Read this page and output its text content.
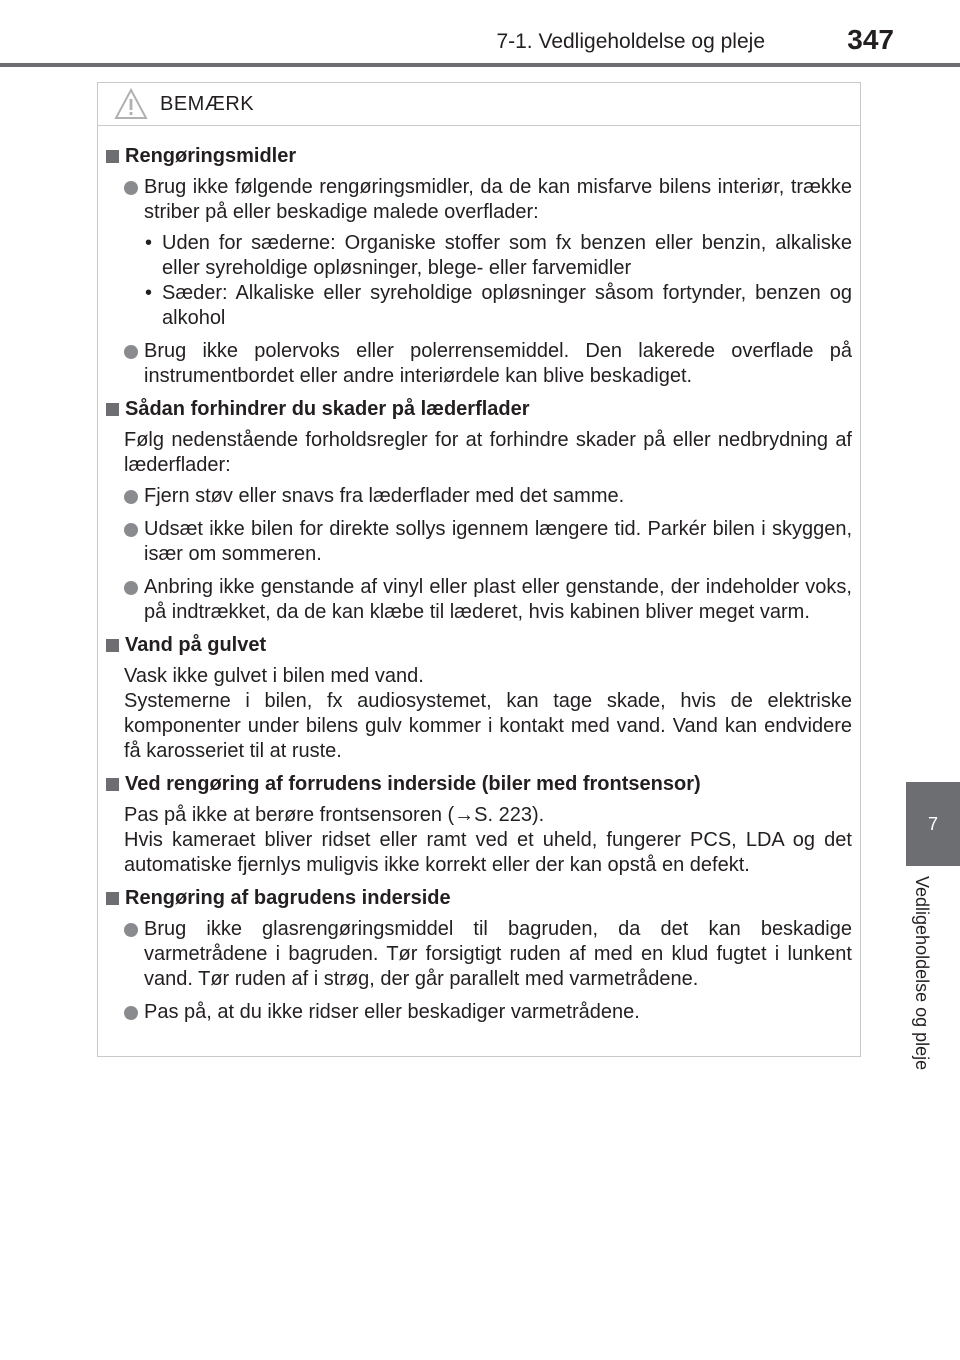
7-1. Vedligeholdelse og pleje	347
7
Vedligeholdelse og pleje
BEMÆRK
Rengøringsmidler
Brug ikke følgende rengøringsmidler, da de kan misfarve bilens interiør, trække striber på eller beskadige malede overflader:
• Uden for sæderne: Organiske stoffer som fx benzen eller benzin, alkaliske eller syreholdige opløsninger, blege- eller farvemidler
• Sæder: Alkaliske eller syreholdige opløsninger såsom fortynder, benzen og alkohol
Brug ikke polervoks eller polerrensemiddel. Den lakerede overflade på instrumentbordet eller andre interiørdele kan blive beskadiget.
Sådan forhindrer du skader på læderflader
Følg nedenstående forholdsregler for at forhindre skader på eller nedbrydning af læderflader:
Fjern støv eller snavs fra læderflader med det samme.
Udsæt ikke bilen for direkte sollys igennem længere tid. Parkér bilen i skyggen, især om sommeren.
Anbring ikke genstande af vinyl eller plast eller genstande, der indeholder voks, på indtrækket, da de kan klæbe til læderet, hvis kabinen bliver meget varm.
Vand på gulvet
Vask ikke gulvet i bilen med vand.
Systemerne i bilen, fx audiosystemet, kan tage skade, hvis de elektriske komponenter under bilens gulv kommer i kontakt med vand. Vand kan endvidere få karosseriet til at ruste.
Ved rengøring af forrudens inderside (biler med frontsensor)
Pas på ikke at berøre frontsensoren (→S. 223).
Hvis kameraet bliver ridset eller ramt ved et uheld, fungerer PCS, LDA og det automatiske fjernlys muligvis ikke korrekt eller der kan opstå en defekt.
Rengøring af bagrudens inderside
Brug ikke glasrengøringsmiddel til bagruden, da det kan beskadige varmetrådene i bagruden. Tør forsigtigt ruden af med en klud fugtet i lunkent vand. Tør ruden af i strøg, der går parallelt med varmetrådene.
Pas på, at du ikke ridser eller beskadiger varmetrådene.
